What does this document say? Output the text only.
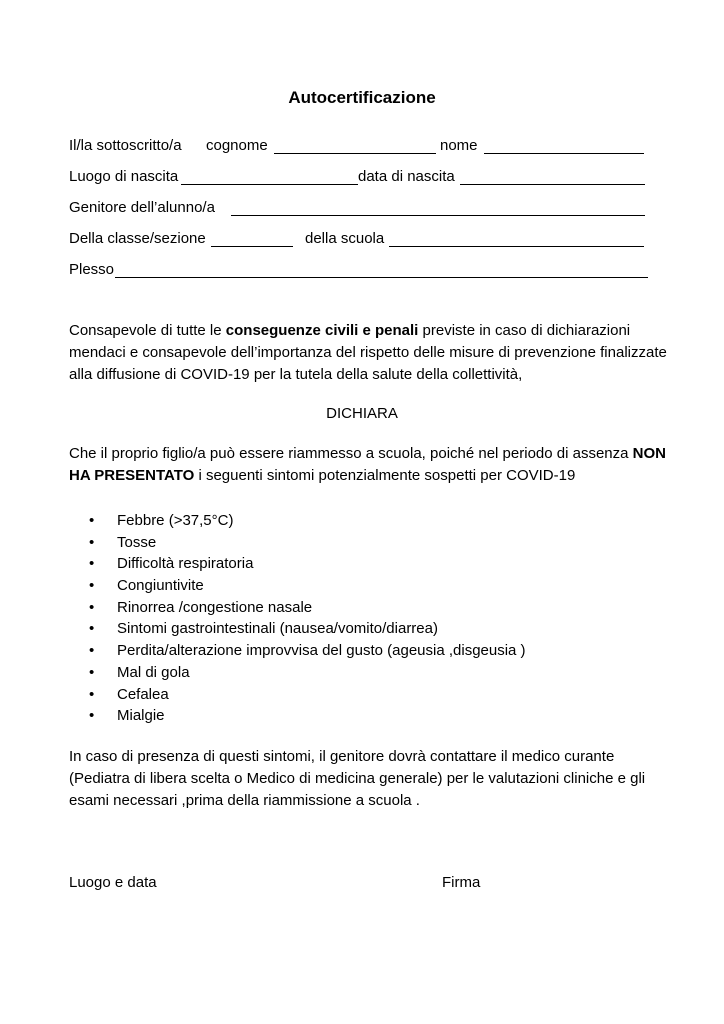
Autocertificazione
Il/la sottoscritto/a cognome	nome
Luogo di nascita	data di nascita
Genitore dell’alunno/a
Della classe/sezione	della scuola
Plesso
Consapevole di tutte le conseguenze civili e penali previste in caso di dichiarazioni mendaci e consapevole dell’importanza del rispetto delle misure di prevenzione finalizzate alla diffusione di COVID-19 per la tutela della salute della collettività,
DICHIARA
Che il proprio figlio/a può essere riammesso a scuola, poiché nel periodo di assenza NON HA PRESENTATO i seguenti sintomi potenzialmente sospetti per COVID-19
• Febbre (>37,5°C)
• Tosse
• Difficoltà respiratoria
• Congiuntivite
• Rinorrea /congestione nasale
• Sintomi gastrointestinali (nausea/vomito/diarrea)
• Perdita/alterazione improvvisa del gusto (ageusia ,disgeusia )
• Mal di gola
• Cefalea
• Mialgie
In caso di presenza di questi sintomi, il genitore dovrà contattare il medico curante (Pediatra di libera scelta o Medico di medicina generale) per le valutazioni cliniche e gli esami necessari ,prima della riammissione a scuola .
Luogo e data	Firma
